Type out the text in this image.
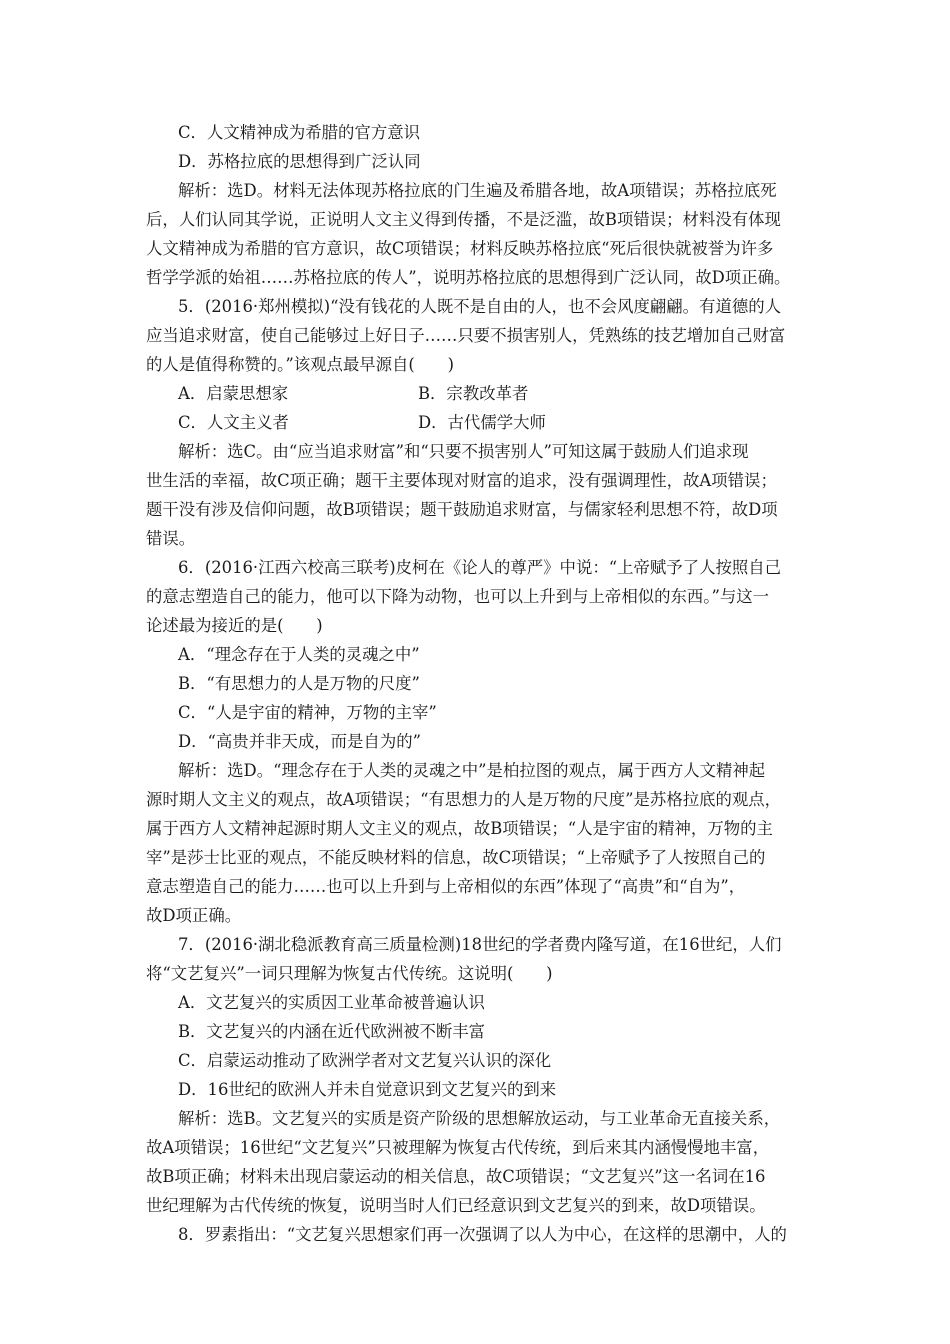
C．人文精神成为希腊的官方意识
D．苏格拉底的思想得到广泛认同
解析：选D。材料无法体现苏格拉底的门生遍及希腊各地，故A项错误；苏格拉底死
后，人们认同其学说，正说明人文主义得到传播，不是泛滥，故B项错误；材料没有体现
人文精神成为希腊的官方意识，故C项错误；材料反映苏格拉底“死后很快就被誉为许多
哲学学派的始祖……苏格拉底的传人”，说明苏格拉底的思想得到广泛认同，故D项正确。
5．(2016·郑州模拟)“没有钱花的人既不是自由的人，也不会风度翩翩。有道德的人
应当追求财富，使自己能够过上好日子……只要不损害别人，凭熟练的技艺增加自己财富
的人是值得称赞的。”该观点最早源自(　　)
A．启蒙思想家	B．宗教改革者
C．人文主义者	D．古代儒学大师
解析：选C。由“应当追求财富”和“只要不损害别人”可知这属于鼓励人们追求现
世生活的幸福，故C项正确；题干主要体现对财富的追求，没有强调理性，故A项错误；
题干没有涉及信仰问题，故B项错误；题干鼓励追求财富，与儒家轻利思想不符，故D项
错误。
6．(2016·江西六校高三联考)皮柯在《论人的尊严》中说：“上帝赋予了人按照自己
的意志塑造自己的能力，他可以下降为动物，也可以上升到与上帝相似的东西。”与这一
论述最为接近的是(　　)
A．“理念存在于人类的灵魂之中”
B．“有思想力的人是万物的尺度”
C．“人是宇宙的精神，万物的主宰”
D．“高贵并非天成，而是自为的”
解析：选D。“理念存在于人类的灵魂之中”是柏拉图的观点，属于西方人文精神起
源时期人文主义的观点，故A项错误；“有思想力的人是万物的尺度”是苏格拉底的观点，
属于西方人文精神起源时期人文主义的观点，故B项错误；“人是宇宙的精神，万物的主
宰”是莎士比亚的观点，不能反映材料的信息，故C项错误；“上帝赋予了人按照自己的
意志塑造自己的能力……也可以上升到与上帝相似的东西”体现了“高贵”和“自为”，
故D项正确。
7．(2016·湖北稳派教育高三质量检测)18世纪的学者费内隆写道，在16世纪，人们
将“文艺复兴”一词只理解为恢复古代传统。这说明(　　)
A．文艺复兴的实质因工业革命被普遍认识
B．文艺复兴的内涵在近代欧洲被不断丰富
C．启蒙运动推动了欧洲学者对文艺复兴认识的深化
D．16世纪的欧洲人并未自觉意识到文艺复兴的到来
解析：选B。文艺复兴的实质是资产阶级的思想解放运动，与工业革命无直接关系，
故A项错误；16世纪“文艺复兴”只被理解为恢复古代传统，到后来其内涵慢慢地丰富，
故B项正确；材料未出现启蒙运动的相关信息，故C项错误；“文艺复兴”这一名词在16
世纪理解为古代传统的恢复，说明当时人们已经意识到文艺复兴的到来，故D项错误。
8．罗素指出：“文艺复兴思想家们再一次强调了以人为中心，在这样的思潮中，人的
